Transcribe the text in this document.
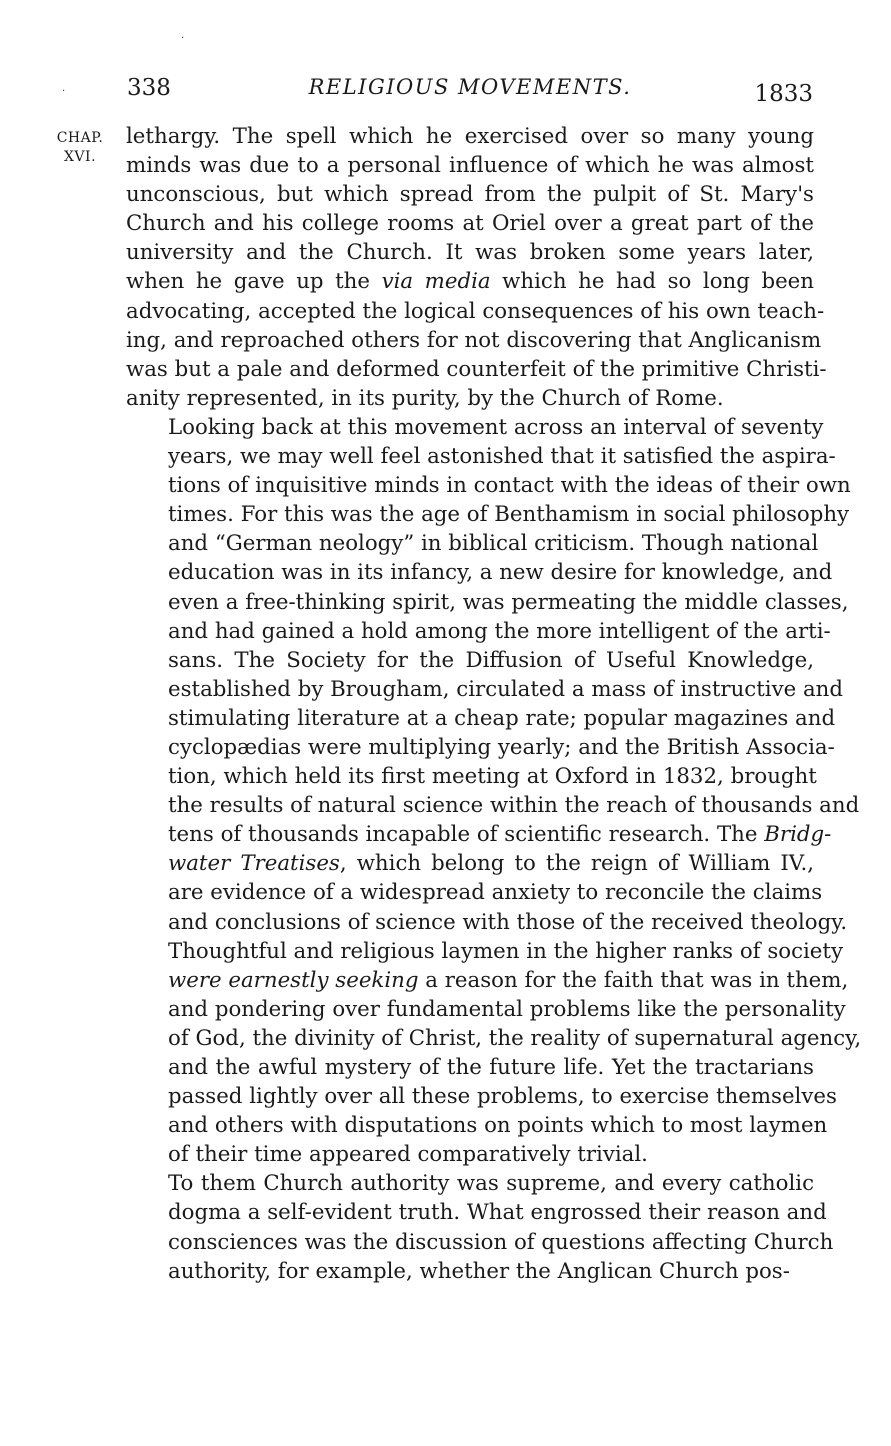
·
·	338	RELIGIOUS MOVEMENTS.	1833
CHAP.
XVI.

lethargy. The spell which he exercised over so many young
minds was due to a personal influence of which he was almost
unconscious, but which spread from the pulpit of St. Mary's
Church and his college rooms at Oriel over a great part of the
university and the Church. It was broken some years later,
when he gave up the via media which he had so long been
advocating, accepted the logical consequences of his own teach-
ing, and reproached others for not discovering that Anglicanism
was but a pale and deformed counterfeit of the primitive Christi-
anity represented, in its purity, by the Church of Rome.

Looking back at this movement across an interval of seventy
years, we may well feel astonished that it satisfied the aspira-
tions of inquisitive minds in contact with the ideas of their own
times. For this was the age of Benthamism in social philosophy
and “German neology” in biblical criticism. Though national
education was in its infancy, a new desire for knowledge, and
even a free-thinking spirit, was permeating the middle classes,
and had gained a hold among the more intelligent of the arti-
sans. The Society for the Diffusion of Useful Knowledge,
established by Brougham, circulated a mass of instructive and
stimulating literature at a cheap rate; popular magazines and
cyclopædias were multiplying yearly; and the British Associa-
tion, which held its first meeting at Oxford in 1832, brought
the results of natural science within the reach of thousands and
tens of thousands incapable of scientific research. The Bridg-
water Treatises, which belong to the reign of William IV.,
are evidence of a widespread anxiety to reconcile the claims
and conclusions of science with those of the received theology.
Thoughtful and religious laymen in the higher ranks of society
were earnestly seeking a reason for the faith that was in them,
and pondering over fundamental problems like the personality
of God, the divinity of Christ, the reality of supernatural agency,
and the awful mystery of the future life. Yet the tractarians
passed lightly over all these problems, to exercise themselves
and others with disputations on points which to most laymen
of their time appeared comparatively trivial.

To them Church authority was supreme, and every catholic
dogma a self-evident truth. What engrossed their reason and
consciences was the discussion of questions affecting Church
authority, for example, whether the Anglican Church pos-
